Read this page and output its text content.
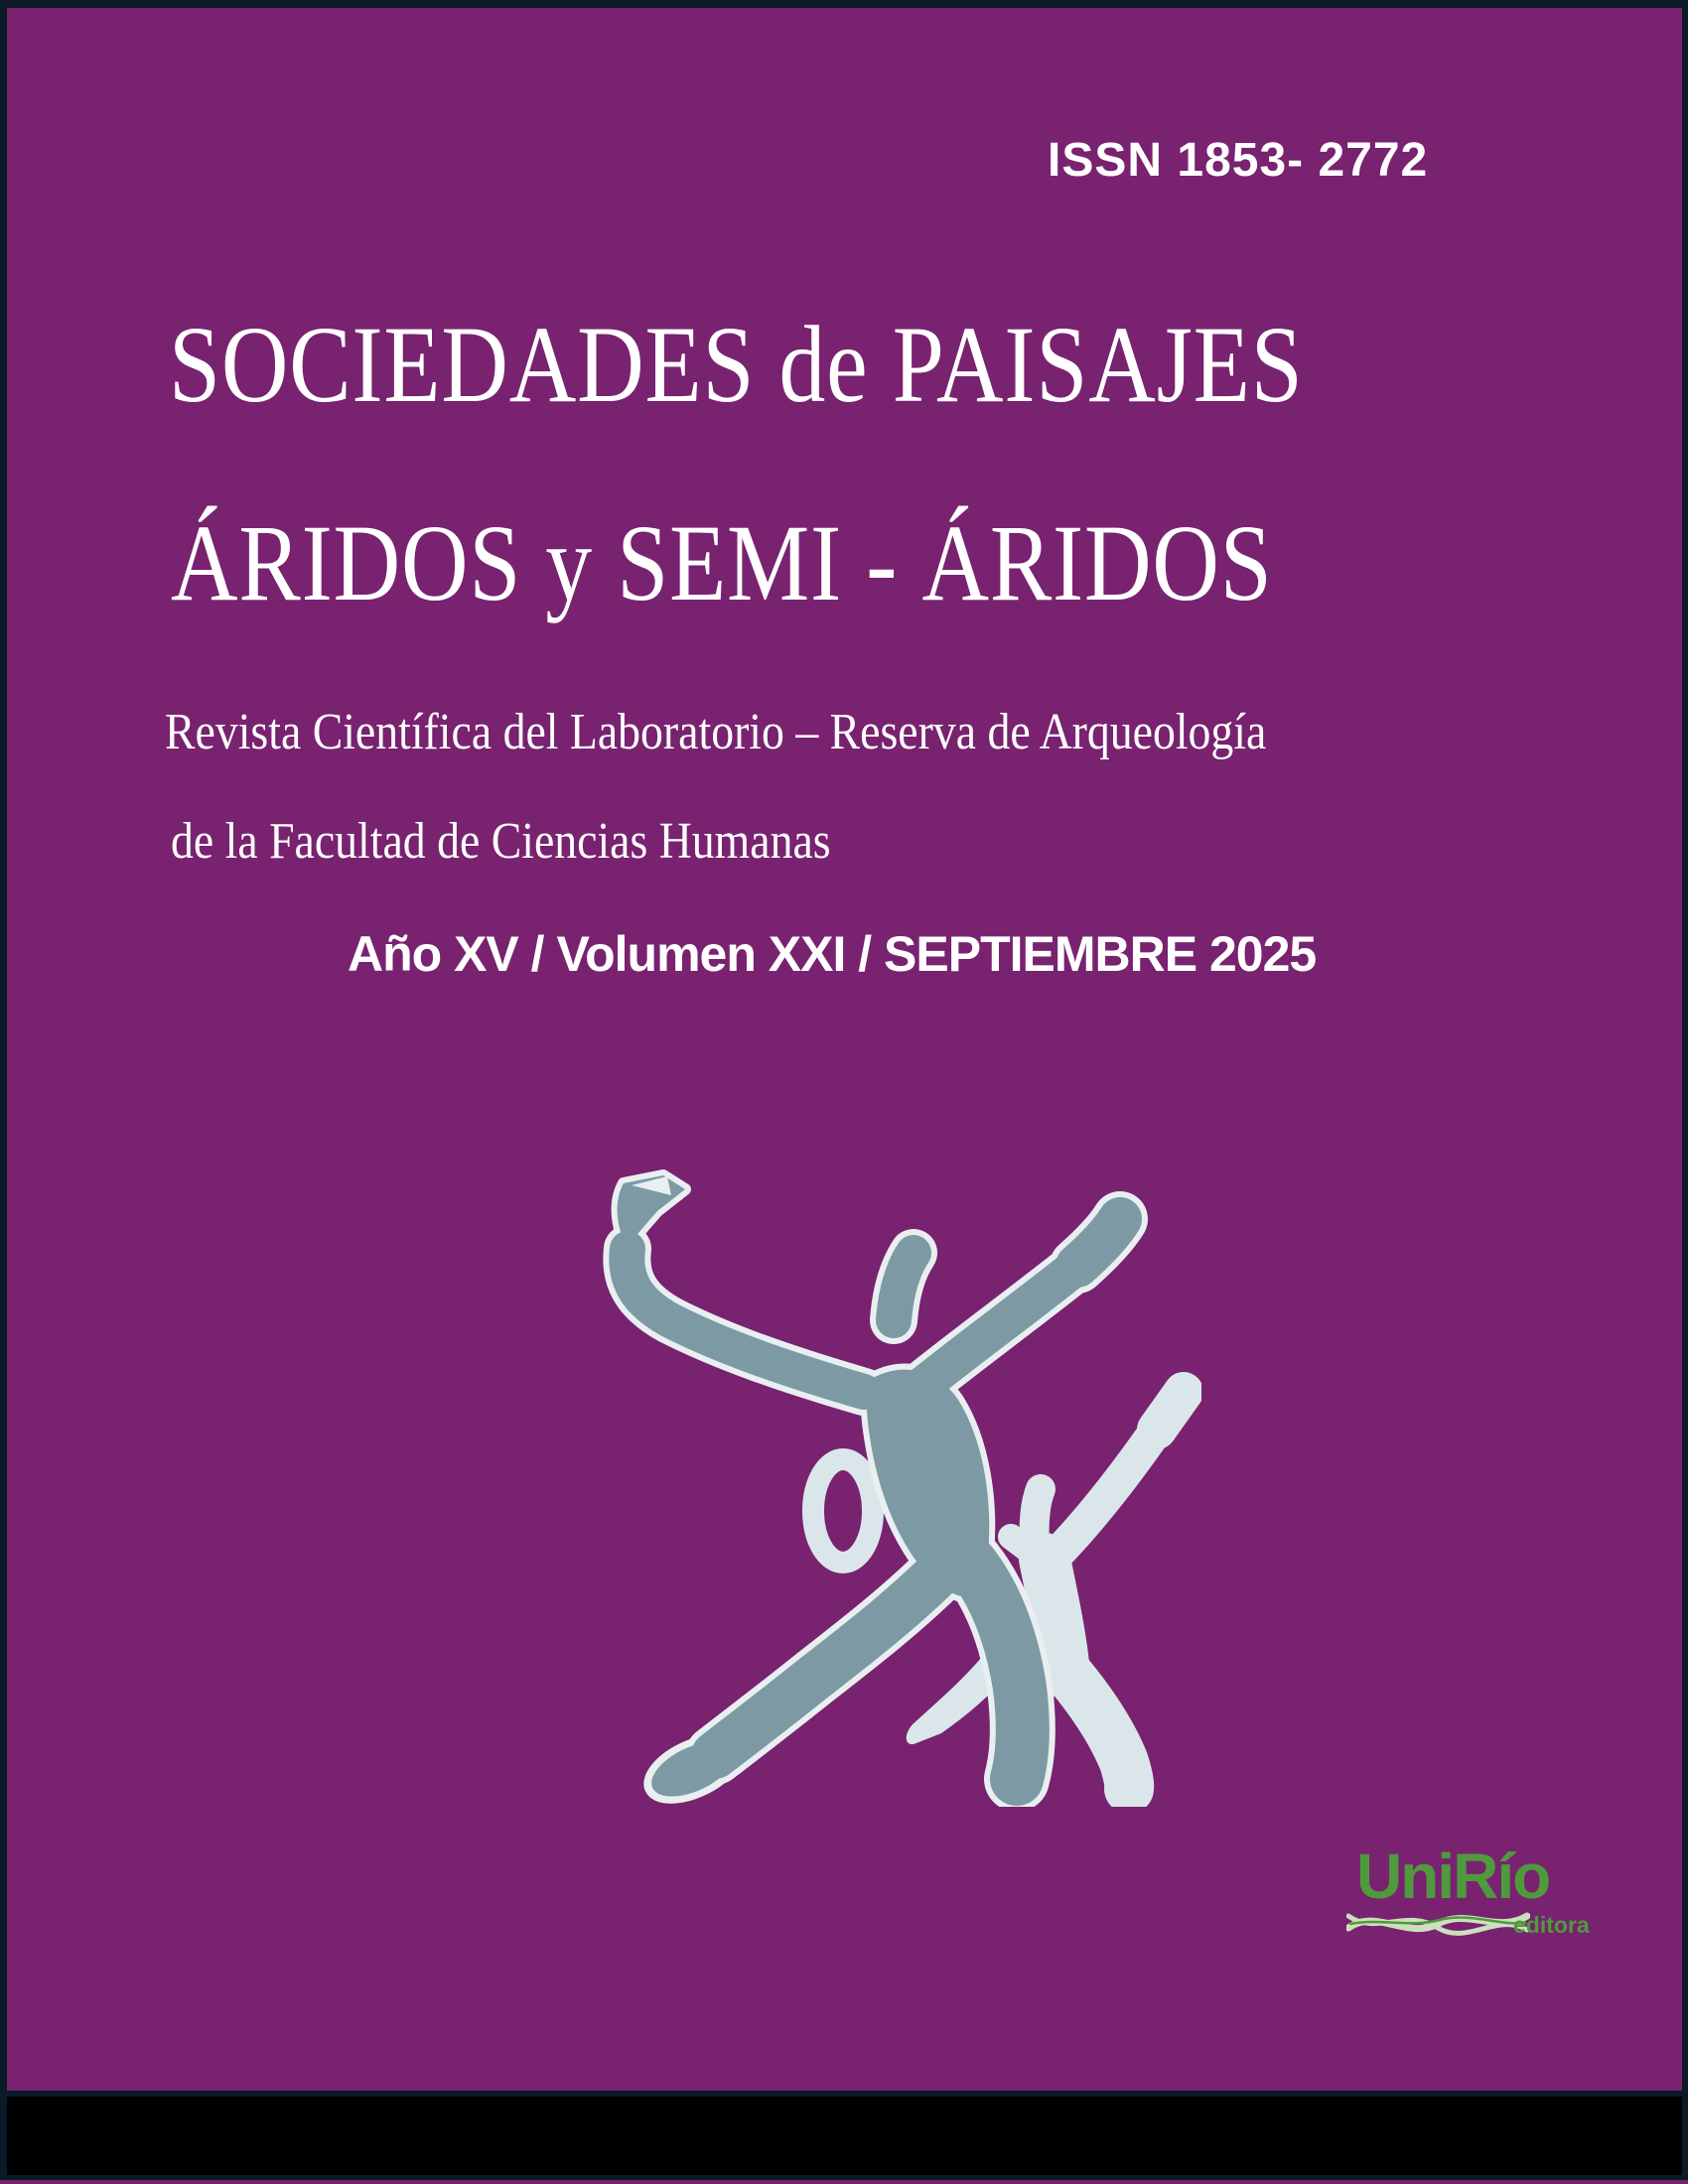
ISSN 1853- 2772
SOCIEDADES de PAISAJES
ÁRIDOS y SEMI - ÁRIDOS
Revista Científica del Laboratorio – Reserva de Arqueología
de la Facultad de Ciencias Humanas
Año XV / Volumen XXI / SEPTIEMBRE 2025
UniRío
editora
